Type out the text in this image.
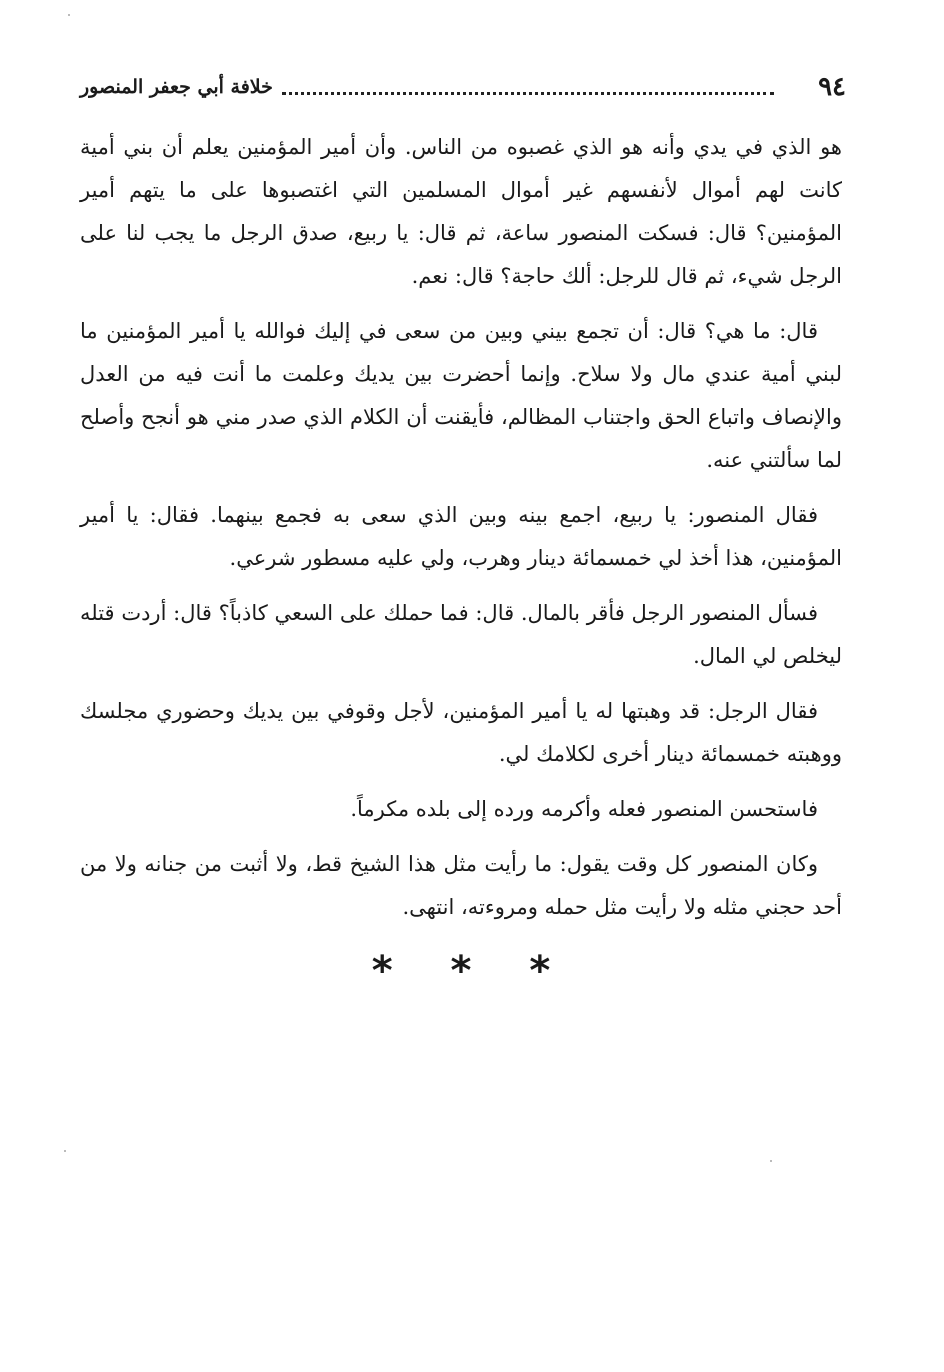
٩٤
خلافة أبي جعفر المنصور

هو الذي في يدي وأنه هو الذي غصبوه من الناس. وأن أمير المؤمنين يعلم أن بني أمية كانت لهم أموال لأنفسهم غير أموال المسلمين التي اغتصبوها على ما يتهم أمير المؤمنين؟ قال: فسكت المنصور ساعة، ثم قال: يا ربيع، صدق الرجل ما يجب لنا على الرجل شيء، ثم قال للرجل: ألك حاجة؟ قال: نعم.

قال: ما هي؟ قال: أن تجمع بيني وبين من سعى في إليك فوالله يا أمير المؤمنين ما لبني أمية عندي مال ولا سلاح. وإنما أحضرت بين يديك وعلمت ما أنت فيه من العدل والإنصاف واتباع الحق واجتناب المظالم، فأيقنت أن الكلام الذي صدر مني هو أنجح وأصلح لما سألتني عنه.

فقال المنصور: يا ربيع، اجمع بينه وبين الذي سعى به فجمع بينهما. فقال: يا أمير المؤمنين، هذا أخذ لي خمسمائة دينار وهرب، ولي عليه مسطور شرعي.

فسأل المنصور الرجل فأقر بالمال. قال: فما حملك على السعي كاذباً؟ قال: أردت قتله ليخلص لي المال.

فقال الرجل: قد وهبتها له يا أمير المؤمنين، لأجل وقوفي بين يديك وحضوري مجلسك ووهبته خمسمائة دينار أخرى لكلامك لي.

فاستحسن المنصور فعله وأكرمه ورده إلى بلده مكرماً.

وكان المنصور كل وقت يقول: ما رأيت مثل هذا الشيخ قط، ولا أثبت من جنانه ولا من أحد حجني مثله ولا رأيت مثل حمله ومروءته، انتهى.

* * *
